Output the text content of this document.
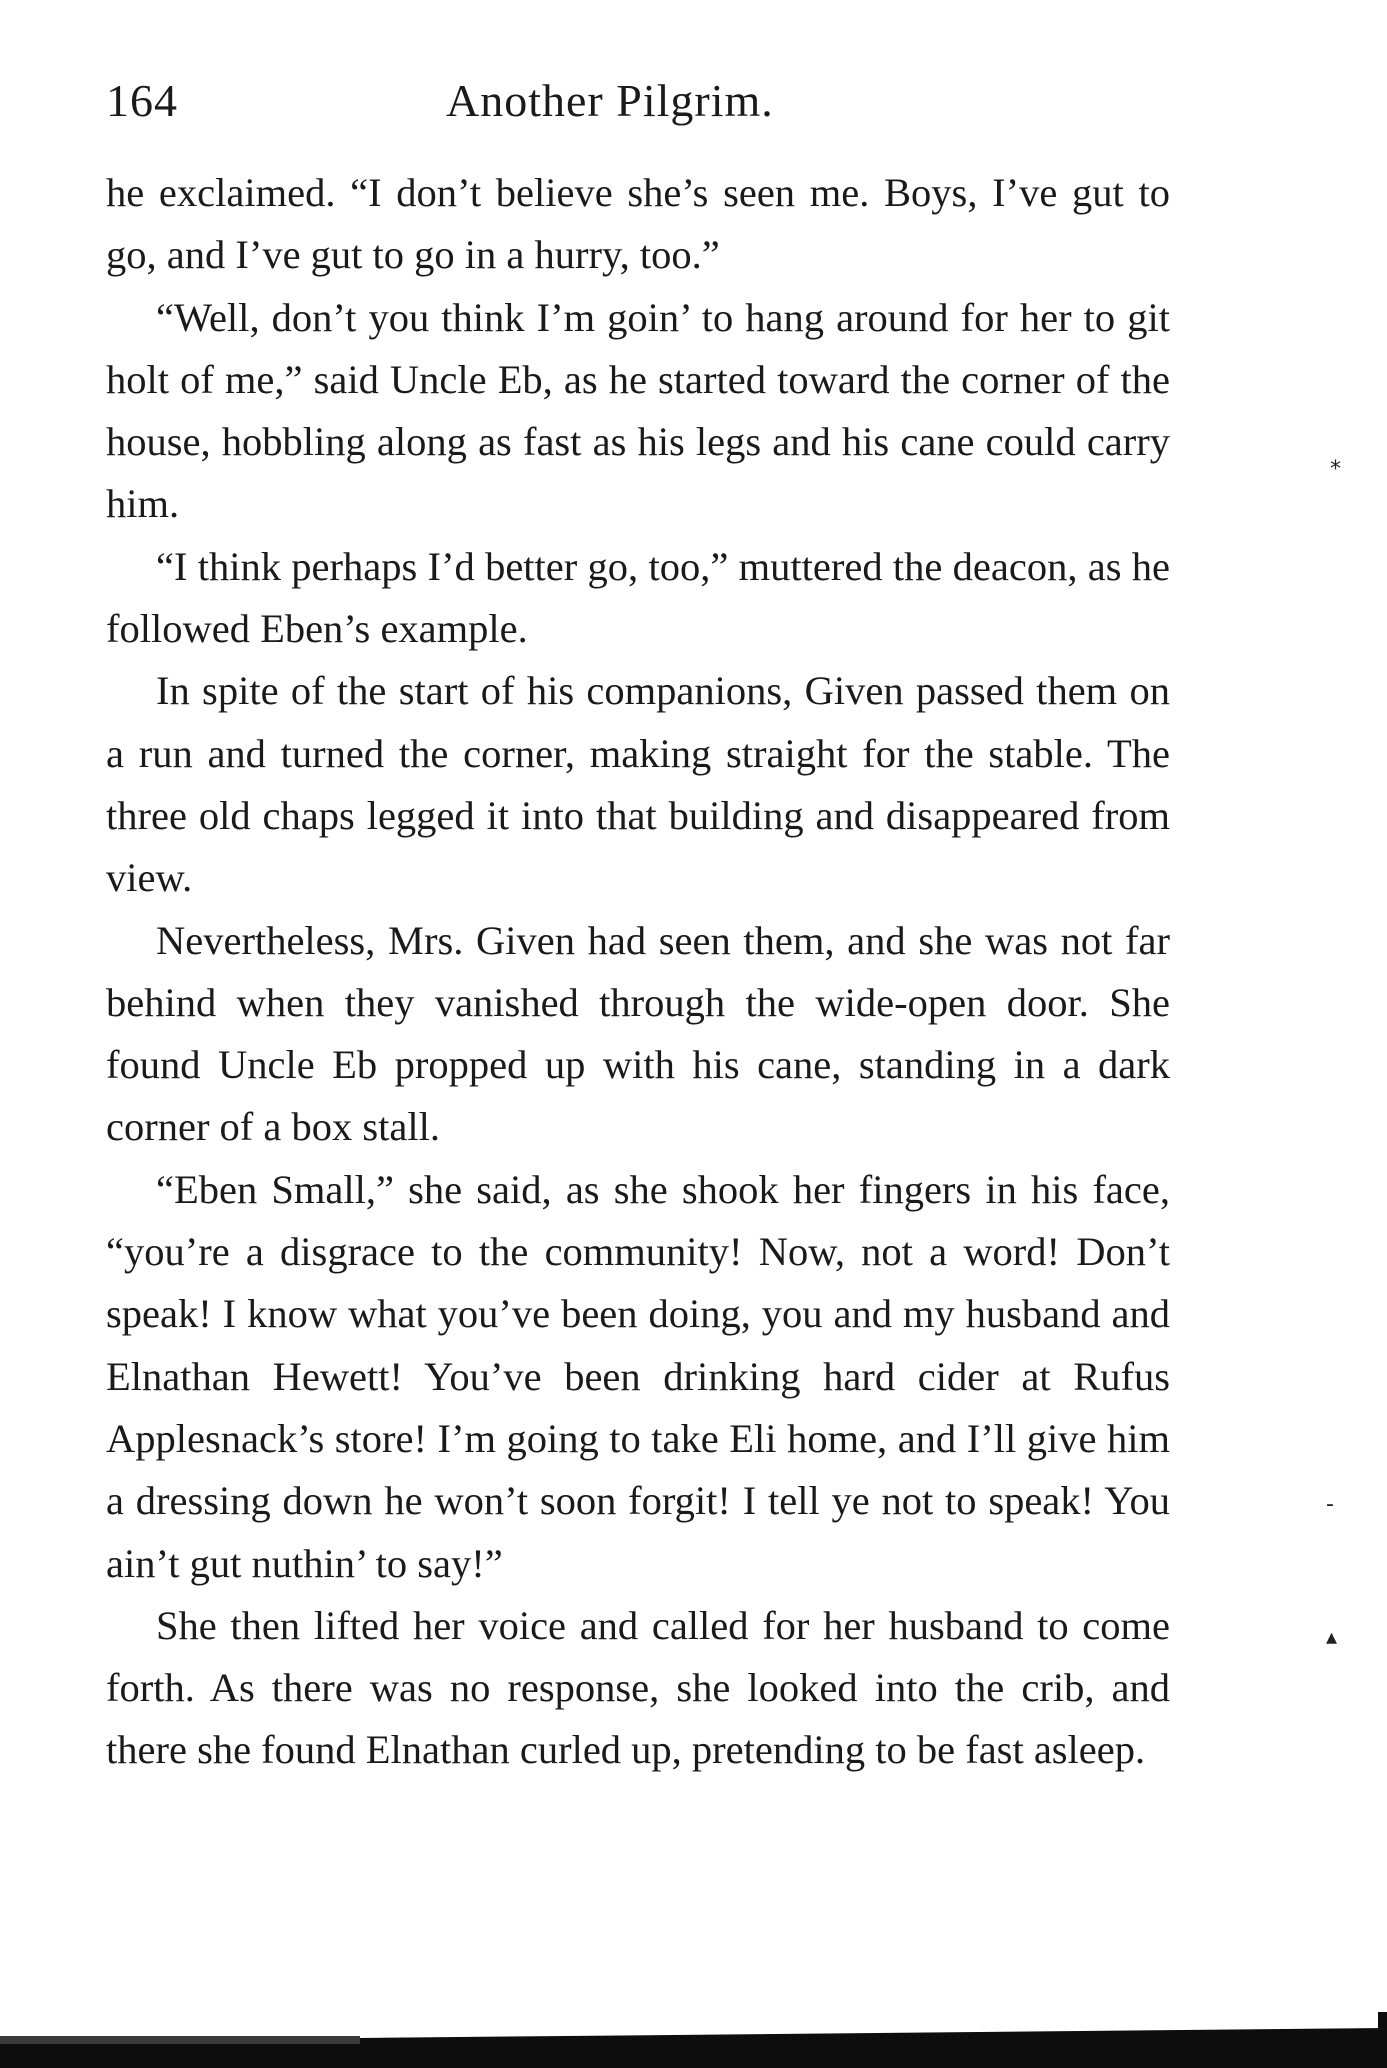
164	Another Pilgrim.

he exclaimed. “I don’t believe she’s seen me. Boys, I’ve gut to go, and I’ve gut to go in a hurry, too.”

“Well, don’t you think I’m goin’ to hang around for her to git holt of me,” said Uncle Eb, as he started toward the corner of the house, hobbling along as fast as his legs and his cane could carry him.

“I think perhaps I’d better go, too,” muttered the deacon, as he followed Eben’s example.

In spite of the start of his companions, Given passed them on a run and turned the corner, making straight for the stable. The three old chaps legged it into that building and disappeared from view.

Nevertheless, Mrs. Given had seen them, and she was not far behind when they vanished through the wide-open door. She found Uncle Eb propped up with his cane, standing in a dark corner of a box stall.

“Eben Small,” she said, as she shook her fingers in his face, “you’re a disgrace to the community! Now, not a word! Don’t speak! I know what you’ve been doing, you and my husband and Elnathan Hewett! You’ve been drinking hard cider at Rufus Applesnack’s store! I’m going to take Eli home, and I’ll give him a dressing down he won’t soon forgit! I tell ye not to speak! You ain’t gut nuthin’ to say!”

She then lifted her voice and called for her husband to come forth. As there was no response, she looked into the crib, and there she found Elnathan curled up, pretending to be fast asleep.

⁎
-
▴
